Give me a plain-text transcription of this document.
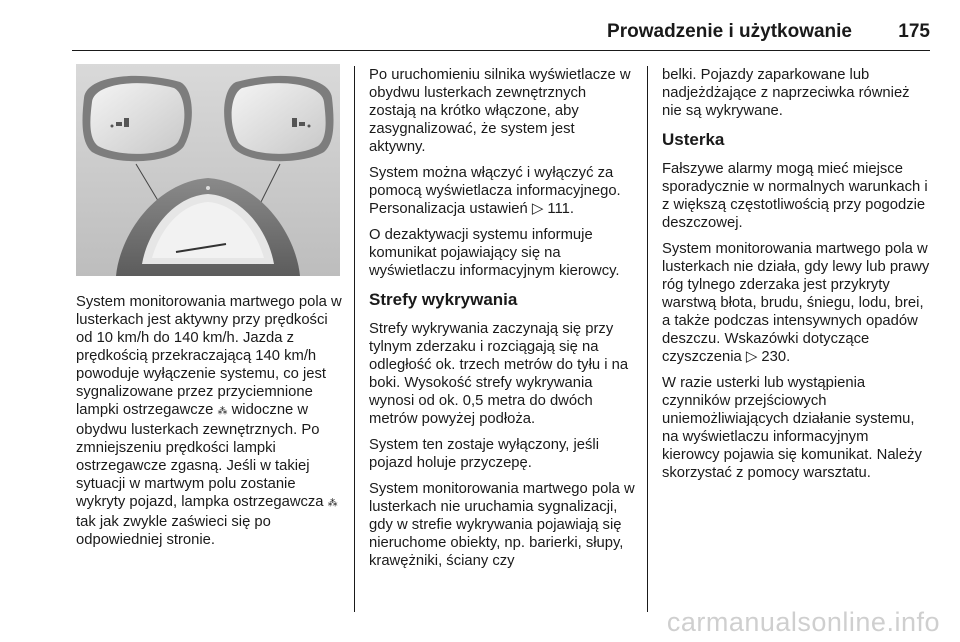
Prowadzenie i użytkowanie 175

System monitorowania martwego pola w lusterkach jest aktywny przy prędkości od 10 km/h do 140 km/h. Jazda z prędkością przekraczającą 140 km/h powoduje wyłączenie systemu, co jest sygnalizowane przez przyciemnione lampki ostrzegawcze ⁂ widoczne w obydwu lusterkach zewnętrznych. Po zmniejszeniu prędkości lampki ostrzegawcze zgasną. Jeśli w takiej sytuacji w martwym polu zostanie wykryty pojazd, lampka ostrzegawcza ⁂ tak jak zwykle zaświeci się po odpowiedniej stronie.

Po uruchomieniu silnika wyświetlacze w obydwu lusterkach zewnętrznych zostają na krótko włączone, aby zasygnalizować, że system jest aktywny.

System można włączyć i wyłączyć za pomocą wyświetlacza informacyjnego. Personalizacja ustawień ▷ 111.

O dezaktywacji systemu informuje komunikat pojawiający się na wyświetlaczu informacyjnym kierowcy.

Strefy wykrywania

Strefy wykrywania zaczynają się przy tylnym zderzaku i rozciągają się na odległość ok. trzech metrów do tyłu i na boki. Wysokość strefy wykrywania wynosi od ok. 0,5 metra do dwóch metrów powyżej podłoża.

System ten zostaje wyłączony, jeśli pojazd holuje przyczepę.

System monitorowania martwego pola w lusterkach nie uruchamia sygnalizacji, gdy w strefie wykrywania pojawiają się nieruchome obiekty, np. barierki, słupy, krawężniki, ściany czy

belki. Pojazdy zaparkowane lub nadjeżdżające z naprzeciwka również nie są wykrywane.

Usterka

Fałszywe alarmy mogą mieć miejsce sporadycznie w normalnych warunkach i z większą częstotliwością przy pogodzie deszczowej.

System monitorowania martwego pola w lusterkach nie działa, gdy lewy lub prawy róg tylnego zderzaka jest przykryty warstwą błota, brudu, śniegu, lodu, brei, a także podczas intensywnych opadów deszczu. Wskazówki dotyczące czyszczenia ▷ 230.

W razie usterki lub wystąpienia czynników przejściowych uniemożliwiających działanie systemu, na wyświetlaczu informacyjnym kierowcy pojawia się komunikat. Należy skorzystać z pomocy warsztatu.

carmanualsonline.info
